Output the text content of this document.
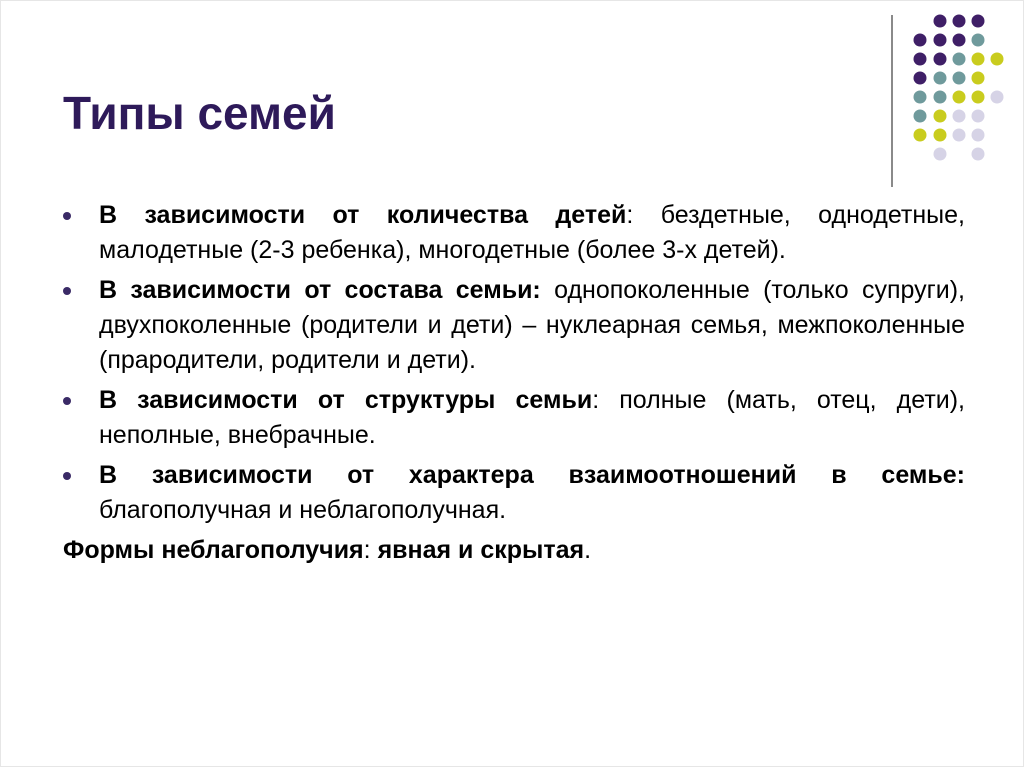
Типы семей
В зависимости от количества детей: бездетные, однодетные, малодетные (2-3 ребенка), многодетные (более 3-х детей).
В зависимости от состава семьи: однопоколенные (только супруги), двухпоколенные (родители и дети) – нуклеарная семья, межпоколенные (прародители, родители и дети).
В зависимости от структуры семьи: полные (мать, отец, дети), неполные, внебрачные.
В зависимости от характера взаимоотношений в семье: благополучная и неблагополучная.

Формы неблагополучия: явная и скрытая.
